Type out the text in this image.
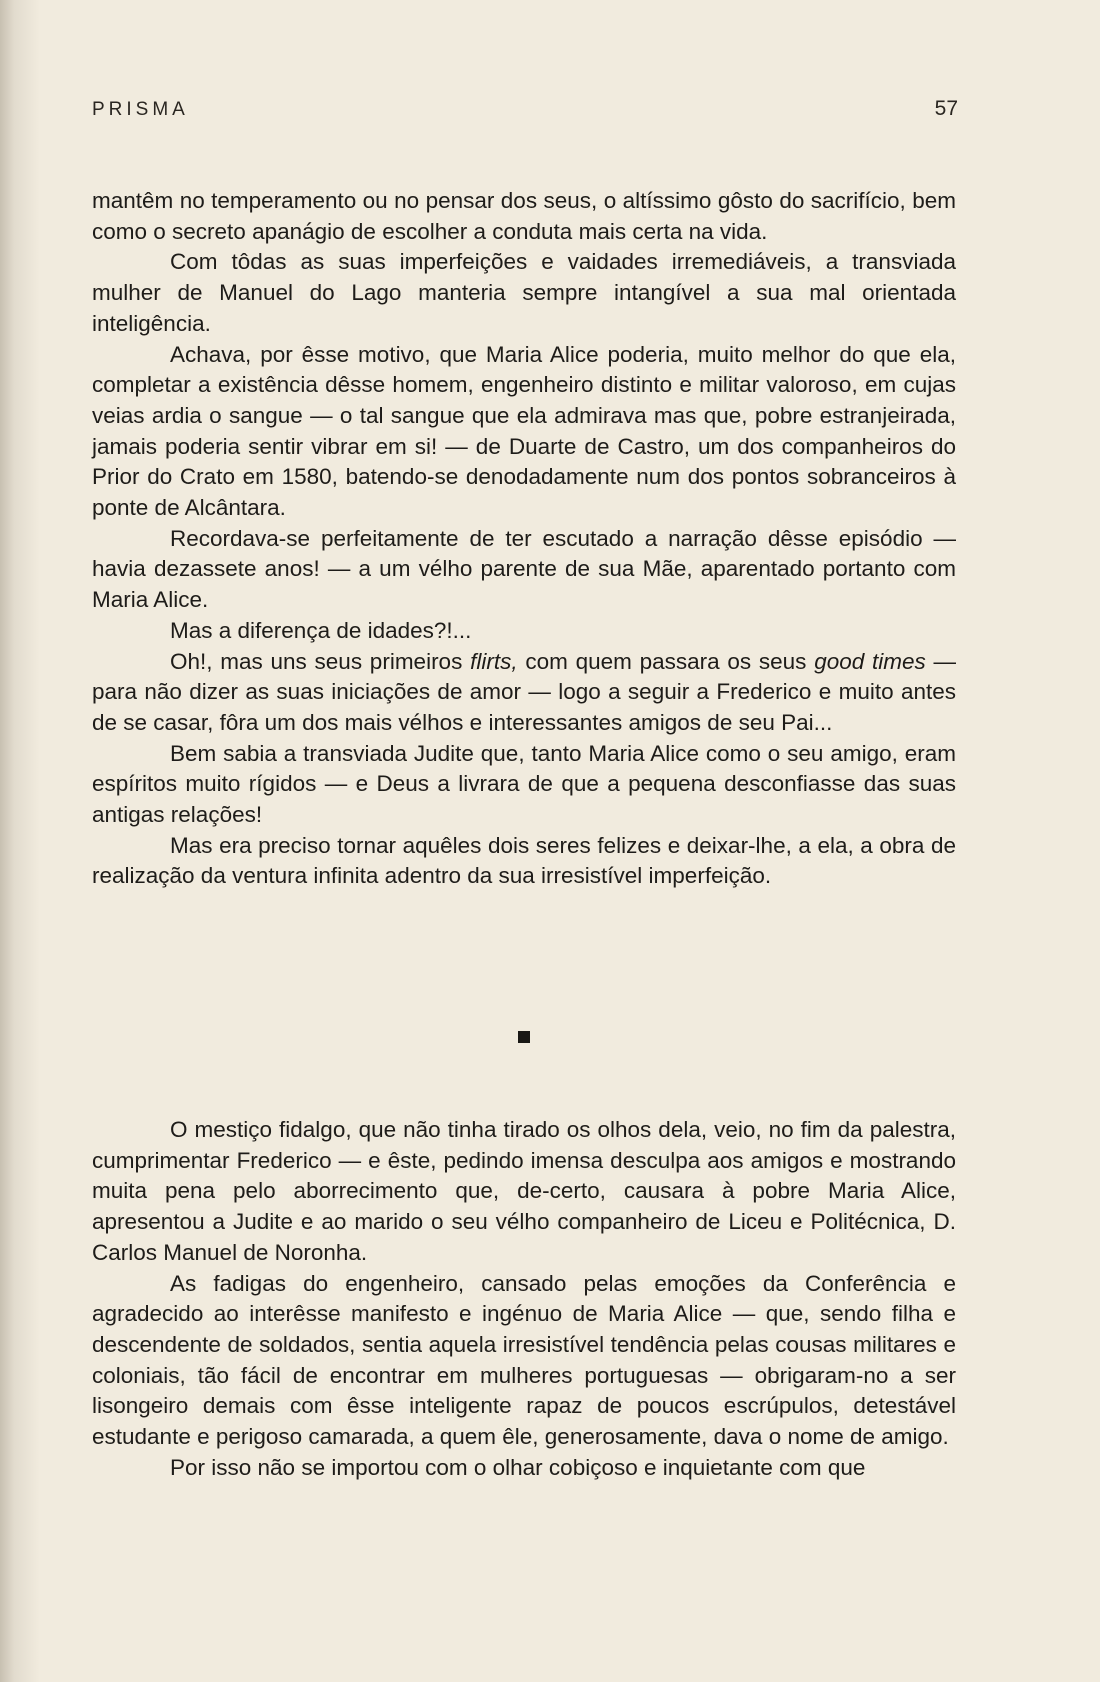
PRISMA	57

mantêm no temperamento ou no pensar dos seus, o altíssimo gôsto do sacrifício, bem como o secreto apanágio de escolher a conduta mais certa na vida.

Com tôdas as suas imperfeições e vaidades irremediáveis, a transviada mulher de Manuel do Lago manteria sempre intangível a sua mal orientada inteligência.

Achava, por êsse motivo, que Maria Alice poderia, muito melhor do que ela, completar a existência dêsse homem, engenheiro distinto e militar valoroso, em cujas veias ardia o sangue — o tal sangue que ela admirava mas que, pobre estranjeirada, jamais poderia sentir vibrar em si! — de Duarte de Castro, um dos companheiros do Prior do Crato em 1580, batendo-se denodadamente num dos pontos sobranceiros à ponte de Alcântara.

Recordava-se perfeitamente de ter escutado a narração dêsse episódio — havia dezassete anos! — a um vélho parente de sua Mãe, aparentado portanto com Maria Alice.

Mas a diferença de idades?!...

Oh!, mas uns seus primeiros flirts, com quem passara os seus good times — para não dizer as suas iniciações de amor — logo a seguir a Frederico e muito antes de se casar, fôra um dos mais vélhos e interessantes amigos de seu Pai...

Bem sabia a transviada Judite que, tanto Maria Alice como o seu amigo, eram espíritos muito rígidos — e Deus a livrara de que a pequena desconfiasse das suas antigas relações!

Mas era preciso tornar aquêles dois seres felizes e deixar-lhe, a ela, a obra de realização da ventura infinita adentro da sua irresistível imperfeição.

O mestiço fidalgo, que não tinha tirado os olhos dela, veio, no fim da palestra, cumprimentar Frederico — e êste, pedindo imensa desculpa aos amigos e mostrando muita pena pelo aborrecimento que, de-certo, causara à pobre Maria Alice, apresentou a Judite e ao marido o seu vélho companheiro de Liceu e Politécnica, D. Carlos Manuel de Noronha.

As fadigas do engenheiro, cansado pelas emoções da Conferência e agradecido ao interêsse manifesto e ingénuo de Maria Alice — que, sendo filha e descendente de soldados, sentia aquela irresistível tendência pelas cousas militares e coloniais, tão fácil de encontrar em mulheres portuguesas — obrigaram-no a ser lisongeiro demais com êsse inteligente rapaz de poucos escrúpulos, detestável estudante e perigoso camarada, a quem êle, generosamente, dava o nome de amigo.

Por isso não se importou com o olhar cobiçoso e inquietante com que
